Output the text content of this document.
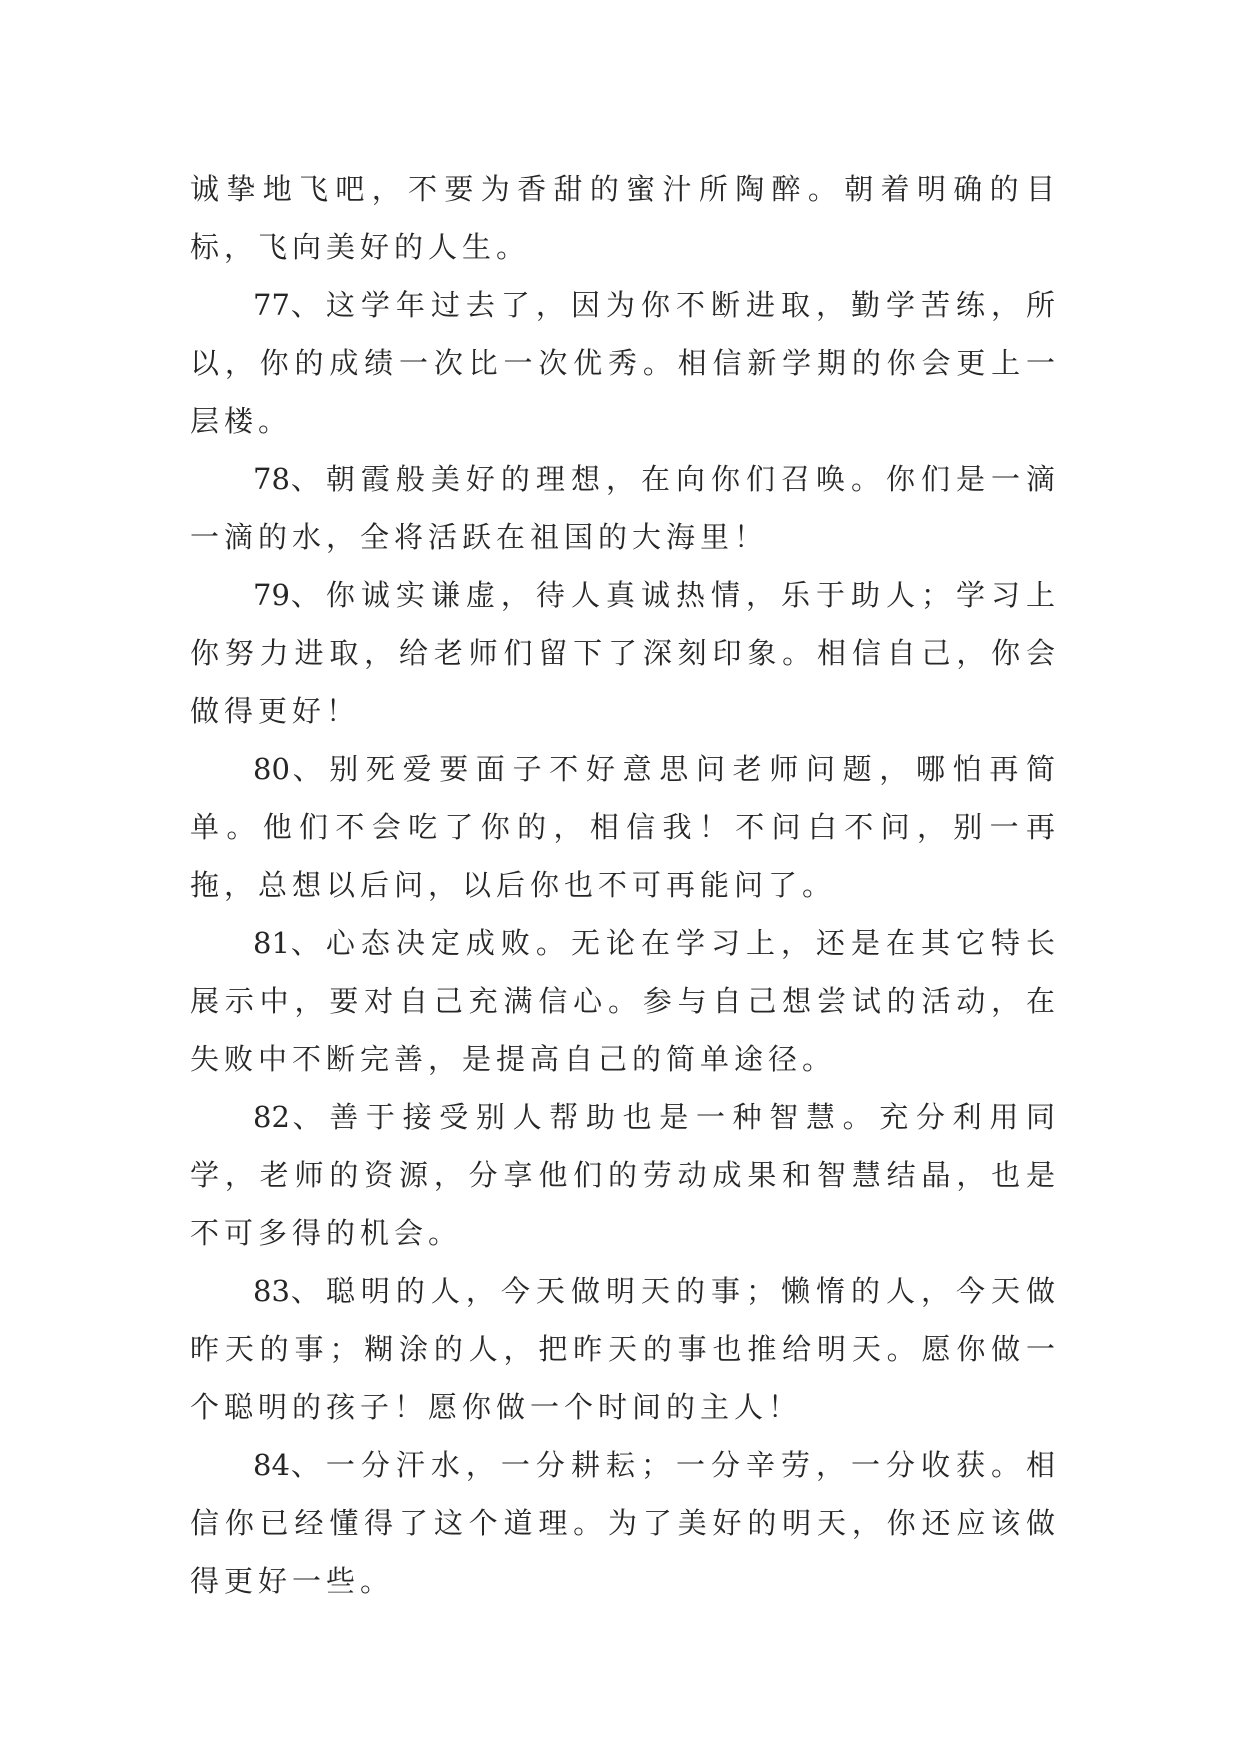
诚挚地飞吧，不要为香甜的蜜汁所陶醉。朝着明确的目标，飞向美好的人生。

77、这学年过去了，因为你不断进取，勤学苦练，所以，你的成绩一次比一次优秀。相信新学期的你会更上一层楼。

78、朝霞般美好的理想，在向你们召唤。你们是一滴一滴的水，全将活跃在祖国的大海里！

79、你诚实谦虚，待人真诚热情，乐于助人；学习上你努力进取，给老师们留下了深刻印象。相信自己，你会做得更好！

80、别死爱要面子不好意思问老师问题，哪怕再简单。他们不会吃了你的，相信我！不问白不问，别一再拖，总想以后问，以后你也不可再能问了。

81、心态决定成败。无论在学习上，还是在其它特长展示中，要对自己充满信心。参与自己想尝试的活动，在失败中不断完善，是提高自己的简单途径。

82、善于接受别人帮助也是一种智慧。充分利用同学，老师的资源，分享他们的劳动成果和智慧结晶，也是不可多得的机会。

83、聪明的人，今天做明天的事；懒惰的人，今天做昨天的事；糊涂的人，把昨天的事也推给明天。愿你做一个聪明的孩子！愿你做一个时间的主人！

84、一分汗水，一分耕耘；一分辛劳，一分收获。相信你已经懂得了这个道理。为了美好的明天，你还应该做得更好一些。
